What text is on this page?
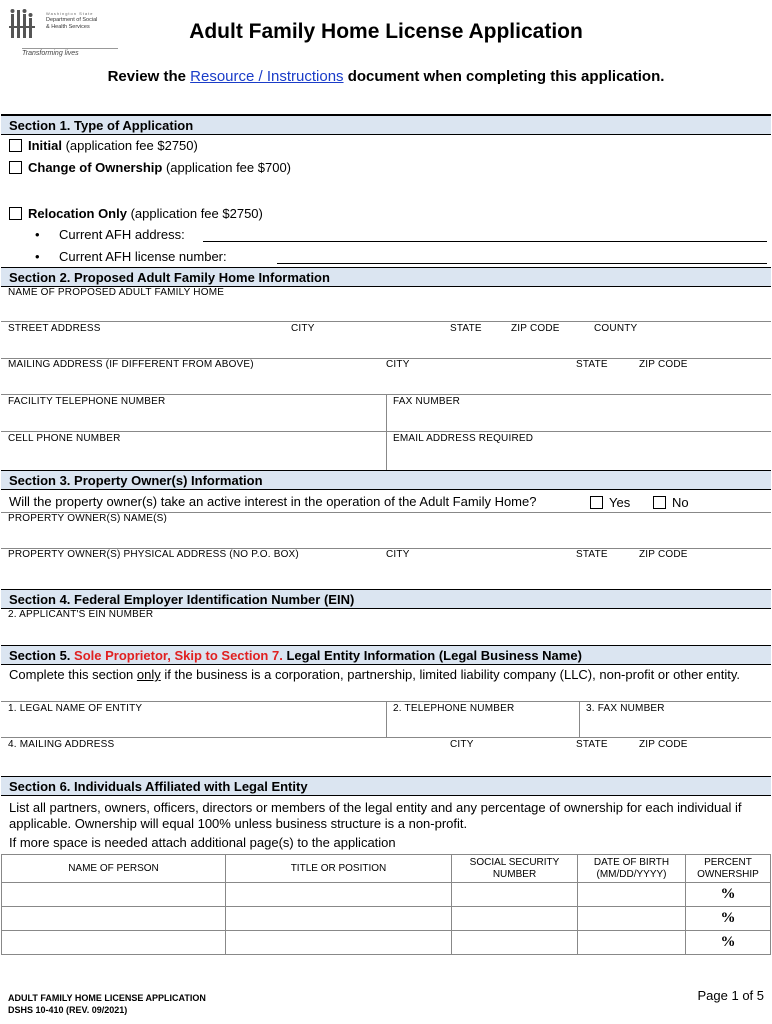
Washington State
Department of Social
& Health Services
Transforming lives
Adult Family Home License Application
Review the Resource / Instructions document when completing this application.
Section 1. Type of Application
Initial (application fee $2750)
Change of Ownership (application fee $700)
Relocation Only (application fee $2750)
• Current AFH address:
• Current AFH license number:
Section 2. Proposed Adult Family Home Information
NAME OF PROPOSED ADULT FAMILY HOME
STREET ADDRESS	CITY	STATE	ZIP CODE	COUNTY
MAILING ADDRESS (IF DIFFERENT FROM ABOVE)	CITY	STATE	ZIP CODE
FACILITY TELEPHONE NUMBER	FAX NUMBER
CELL PHONE NUMBER	EMAIL ADDRESS REQUIRED
Section 3. Property Owner(s) Information
Will the property owner(s) take an active interest in the operation of the Adult Family Home?	Yes	No
PROPERTY OWNER(S) NAME(S)
PROPERTY OWNER(S) PHYSICAL ADDRESS (NO P.O. BOX)	CITY	STATE	ZIP CODE
Section 4. Federal Employer Identification Number (EIN)
2. APPLICANT'S EIN NUMBER
Section 5. Sole Proprietor, Skip to Section 7. Legal Entity Information (Legal Business Name)
Complete this section only if the business is a corporation, partnership, limited liability company (LLC), non-profit or other entity.
1. LEGAL NAME OF ENTITY	2. TELEPHONE NUMBER	3. FAX NUMBER
4. MAILING ADDRESS	CITY	STATE	ZIP CODE
Section 6. Individuals Affiliated with Legal Entity
List all partners, owners, officers, directors or members of the legal entity and any percentage of ownership for each individual if applicable. Ownership will equal 100% unless business structure is a non-profit.
If more space is needed attach additional page(s) to the application
NAME OF PERSON	TITLE OR POSITION	SOCIAL SECURITY NUMBER	DATE OF BIRTH (MM/DD/YYYY)	PERCENT OWNERSHIP
				%
				%
				%
ADULT FAMILY HOME LICENSE APPLICATION
DSHS 10-410 (REV. 09/2021)
Page 1 of 5
